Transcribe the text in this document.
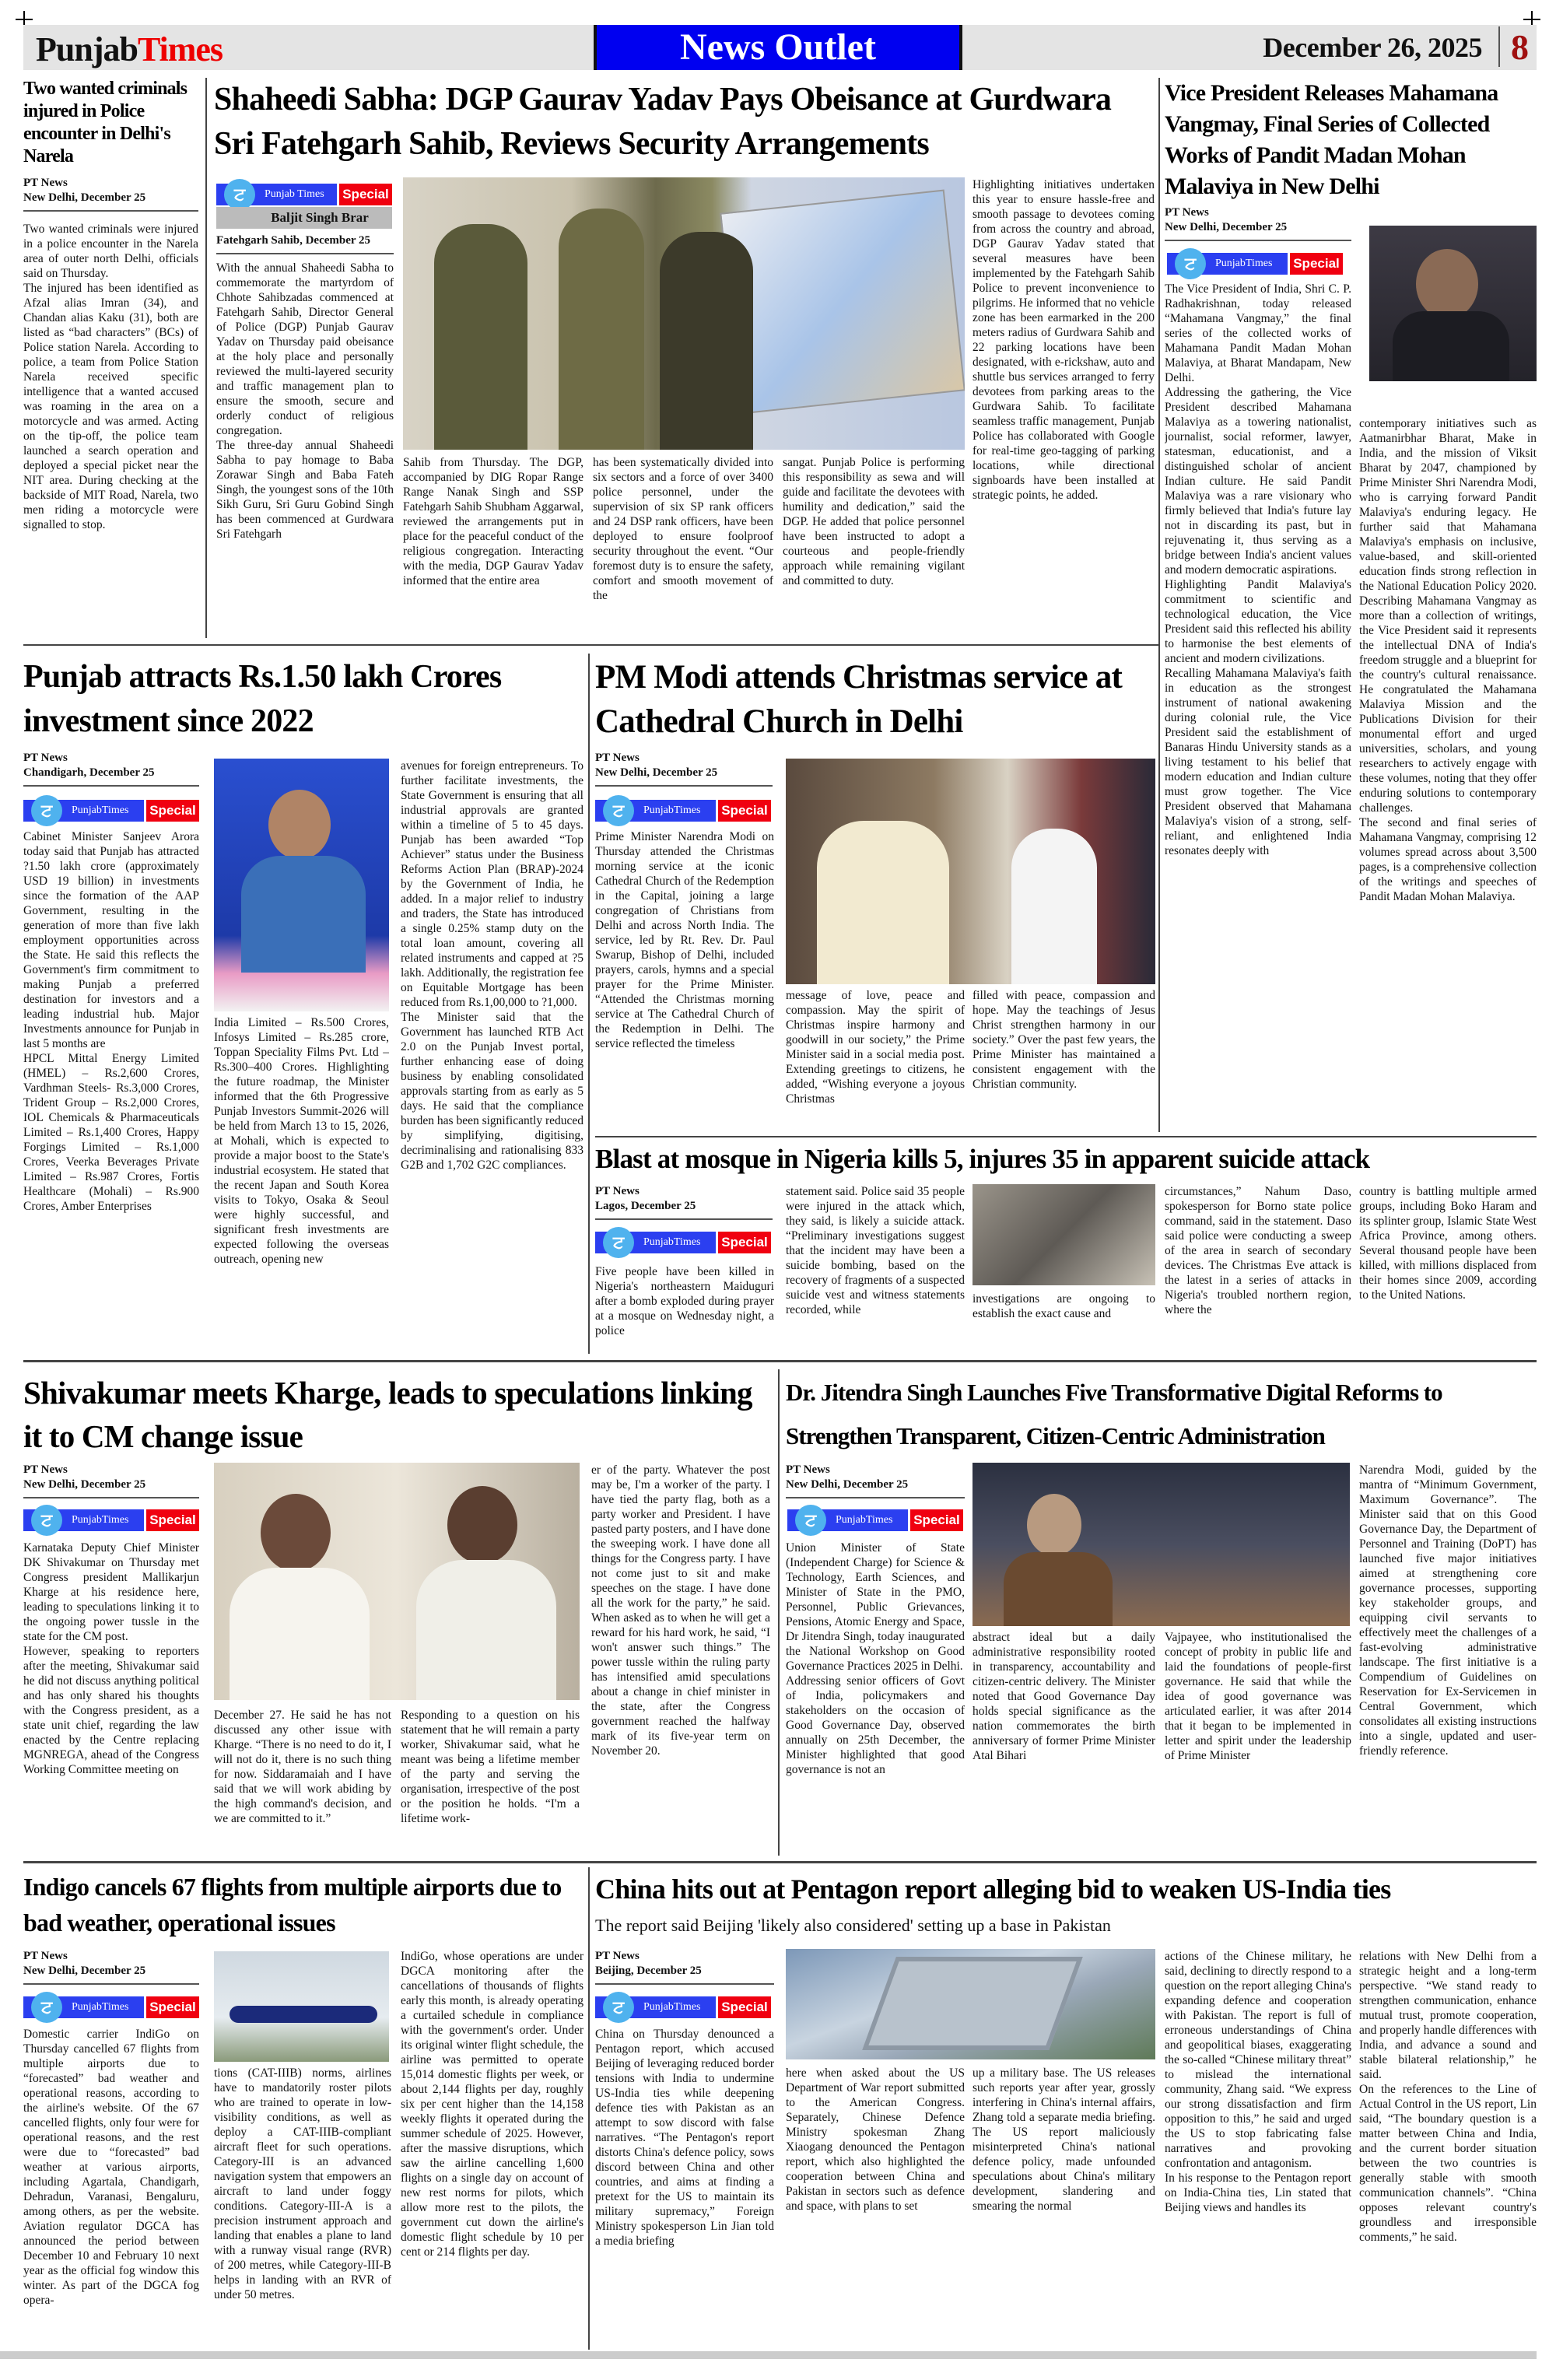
PunjabTimes	News Outlet	December 26, 2025 8
Two wanted criminals injured in Police encounter in Delhi's Narela
PT News
New Delhi, December 25

Two wanted criminals were injured in a police encounter in the Narela area of outer north Delhi, officials said on Thursday.

The injured has been identified as Afzal alias Imran (34), and Chandan alias Kaku (31), both are listed as “bad characters” (BCs) of Police station Narela. According to police, a team from Police Station Narela received specific intelligence that a wanted accused was roaming in the area on a motorcycle and was armed. Acting on the tip-off, the police team launched a search operation and deployed a special picket near the NIT area. During checking at the backside of MIT Road, Narela, two men riding a motorcycle were signalled to stop.

Shaheedi Sabha: DGP Gaurav Yadav Pays Obeisance at Gurdwara Sri Fatehgarh Sahib, Reviews Security Arrangements
Punjab Times	Special
ਟ
Baljit Singh Brar
Fatehgarh Sahib, December 25

With the annual Shaheedi Sabha to commemorate the martyrdom of Chhote Sahibzadas commenced at Fatehgarh Sahib, Director General of Police (DGP) Punjab Gaurav Yadav on Thursday paid obeisance at the holy place and personally reviewed the multi-layered security and traffic management plan to ensure the smooth, secure and orderly conduct of religious congregation.

The three-day annual Shaheedi Sabha to pay homage to Baba Zorawar Singh and Baba Fateh Singh, the youngest sons of the 10th Sikh Guru, Sri Guru Gobind Singh has been commenced at Gurdwara Sri Fatehgarh

Sahib from Thursday. The DGP, accompanied by DIG Ropar Range Range Nanak Singh and SSP Fatehgarh Sahib Shubham Aggarwal, reviewed the arrangements put in place for the peaceful conduct of the religious congregation. Interacting with the media, DGP Gaurav Yadav informed that the entire area

has been systematically divided into six sectors and a force of over 3400 police personnel, under the supervision of six SP rank officers and 24 DSP rank officers, have been deployed to ensure foolproof security throughout the event. “Our foremost duty is to ensure the safety, comfort and smooth movement of the

sangat. Punjab Police is performing this responsibility as sewa and will guide and facilitate the devotees with humility and dedication,” said the DGP. He added that police personnel have been instructed to adopt a courteous and people-friendly approach while remaining vigilant and committed to duty.

Highlighting initiatives undertaken this year to ensure hassle-free and smooth passage to devotees coming from across the country and abroad, DGP Gaurav Yadav stated that several measures have been implemented by the Fatehgarh Sahib Police to prevent inconvenience to pilgrims. He informed that no vehicle zone has been earmarked in the 200 meters radius of Gurdwara Sahib and 22 parking locations have been designated, with e-rickshaw, auto and shuttle bus services arranged to ferry devotees from parking areas to the Gurdwara Sahib. To facilitate seamless traffic management, Punjab Police has collaborated with Google for real-time geo-tagging of parking locations, while directional signboards have been installed at strategic points, he added.

Vice President Releases Mahamana Vangmay, Final Series of Collected Works of Pandit Madan Mohan Malaviya in New Delhi
PT News
New Delhi, December 25
PunjabTimes	Special
ਟ

The Vice President of India, Shri C. P. Radhakrishnan, today released “Mahamana Vangmay,” the final series of the collected works of Mahamana Pandit Madan Mohan Malaviya, at Bharat Mandapam, New Delhi.

Addressing the gathering, the Vice President described Mahamana Malaviya as a towering nationalist, journalist, social reformer, lawyer, statesman, educationist, and a distinguished scholar of ancient Indian culture. He said Pandit Malaviya was a rare visionary who firmly believed that India's future lay not in discarding its past, but in rejuvenating it, thus serving as a bridge between India's ancient values and modern democratic aspirations.

Highlighting Pandit Malaviya's commitment to scientific and technological education, the Vice President said this reflected his ability to harmonise the best elements of ancient and modern civilizations.

Recalling Mahamana Malaviya's faith in education as the strongest instrument of national awakening during colonial rule, the Vice President said the establishment of Banaras Hindu University stands as a living testament to his belief that modern education and Indian culture must grow together. The Vice President observed that Mahamana Malaviya's vision of a strong, self-reliant, and enlightened India resonates deeply with

contemporary initiatives such as Aatmanirbhar Bharat, Make in India, and the mission of Viksit Bharat by 2047, championed by Prime Minister Shri Narendra Modi, who is carrying forward Pandit Malaviya's enduring legacy. He further said that Mahamana Malaviya's emphasis on inclusive, value-based, and skill-oriented education finds strong reflection in the National Education Policy 2020. Describing Mahamana Vangmay as more than a collection of writings, the Vice President said it represents the intellectual DNA of India's freedom struggle and a blueprint for the country's cultural renaissance. He congratulated the Mahamana Malaviya Mission and the Publications Division for their monumental effort and urged universities, scholars, and young researchers to actively engage with these volumes, noting that they offer enduring solutions to contemporary challenges.

The second and final series of Mahamana Vangmay, comprising 12 volumes spread across about 3,500 pages, is a comprehensive collection of the writings and speeches of Pandit Madan Mohan Malaviya.

Punjab attracts Rs.1.50 lakh Crores investment since 2022
PT News
Chandigarh, December 25
PunjabTimes	Special
ਟ

Cabinet Minister Sanjeev Arora today said that Punjab has attracted ?1.50 lakh crore (approximately USD 19 billion) in investments since the formation of the AAP Government, resulting in the generation of more than five lakh employment opportunities across the State. He said this reflects the Government's firm commitment to making Punjab a preferred destination for investors and a leading industrial hub. Major Investments announce for Punjab in last 5 months are

HPCL Mittal Energy Limited (HMEL) – Rs.2,600 Crores, Vardhman Steels- Rs.3,000 Crores, Trident Group – Rs.2,000 Crores, IOL Chemicals & Pharmaceuticals Limited – Rs.1,400 Crores, Happy Forgings Limited – Rs.1,000 Crores, Veerka Beverages Private Limited – Rs.987 Crores, Fortis Healthcare (Mohali) – Rs.900 Crores, Amber Enterprises

India Limited – Rs.500 Crores, Infosys Limited – Rs.285 crore, Toppan Speciality Films Pvt. Ltd – Rs.300–400 Crores. Highlighting the future roadmap, the Minister informed that the 6th Progressive Punjab Investors Summit-2026 will be held from March 13 to 15, 2026, at Mohali, which is expected to provide a major boost to the State's industrial ecosystem. He stated that the recent Japan and South Korea visits to Tokyo, Osaka & Seoul were highly successful, and significant fresh investments are expected following the overseas outreach, opening new

avenues for foreign entrepreneurs. To further facilitate investments, the State Government is ensuring that all industrial approvals are granted within a timeline of 5 to 45 days. Punjab has been awarded “Top Achiever” status under the Business Reforms Action Plan (BRAP)-2024 by the Government of India, he added. In a major relief to industry and traders, the State has introduced a single 0.25% stamp duty on the total loan amount, covering all related instruments and capped at ?5 lakh. Additionally, the registration fee on Equitable Mortgage has been reduced from Rs.1,00,000 to ?1,000.

The Minister said that the Government has launched RTB Act 2.0 on the Punjab Invest portal, further enhancing ease of doing business by enabling consolidated approvals starting from as early as 5 days. He said that the compliance burden has been significantly reduced by simplifying, digitising, decriminalising and rationalising 833 G2B and 1,702 G2C compliances.

PM Modi attends Christmas service at Cathedral Church in Delhi
PT News
New Delhi, December 25
PunjabTimes	Special
ਟ

Prime Minister Narendra Modi on Thursday attended the Christmas morning service at the iconic Cathedral Church of the Redemption in the Capital, joining a large congregation of Christians from Delhi and across North India. The service, led by Rt. Rev. Dr. Paul Swarup, Bishop of Delhi, included prayers, carols, hymns and a special prayer for the Prime Minister. “Attended the Christmas morning service at The Cathedral Church of the Redemption in Delhi. The service reflected the timeless

message of love, peace and compassion. May the spirit of Christmas inspire harmony and goodwill in our society,” the Prime Minister said in a social media post. Extending greetings to citizens, he added, “Wishing everyone a joyous Christmas

filled with peace, compassion and hope. May the teachings of Jesus Christ strengthen harmony in our society.” Over the past few years, the Prime Minister has maintained a consistent engagement with the Christian community.

Blast at mosque in Nigeria kills 5, injures 35 in apparent suicide attack
PT News
Lagos, December 25
PunjabTimes	Special
ਟ

Five people have been killed in Nigeria's northeastern Maiduguri after a bomb exploded during prayer at a mosque on Wednesday night, a police

statement said. Police said 35 people were injured in the attack which, they said, is likely a suicide attack. “Preliminary investigations suggest that the incident may have been a suicide bombing, based on the recovery of fragments of a suspected suicide vest and witness statements recorded, while

investigations are ongoing to establish the exact cause and

circumstances,” Nahum Daso, spokesperson for Borno state police command, said in the statement. Daso said police were conducting a sweep of the area in search of secondary devices. The Christmas Eve attack is the latest in a series of attacks in Nigeria's troubled northern region, where the

country is battling multiple armed groups, including Boko Haram and its splinter group, Islamic State West Africa Province, among others. Several thousand people have been killed, with millions displaced from their homes since 2009, according to the United Nations.

Shivakumar meets Kharge, leads to speculations linking it to CM change issue
PT News
New Delhi, December 25
PunjabTimes	Special
ਟ

Karnataka Deputy Chief Minister DK Shivakumar on Thursday met Congress president Mallikarjun Kharge at his residence here, leading to speculations linking it to the ongoing power tussle in the state for the CM post.

However, speaking to reporters after the meeting, Shivakumar said he did not discuss anything political and has only shared his thoughts with the Congress president, as a state unit chief, regarding the law enacted by the Centre replacing MGNREGA, ahead of the Congress Working Committee meeting on

December 27. He said he has not discussed any other issue with Kharge. “There is no need to do it, I will not do it, there is no such thing for now. Siddaramaiah and I have said that we will work abiding by the high command's decision, and we are committed to it.”

Responding to a question on his statement that he will remain a party worker, Shivakumar said, what he meant was being a lifetime member of the party and serving the organisation, irrespective of the post or the position he holds. “I'm a lifetime work-

er of the party. Whatever the post may be, I'm a worker of the party. I have tied the party flag, both as a party worker and President. I have pasted party posters, and I have done the sweeping work. I have done all things for the Congress party. I have not come just to sit and make speeches on the stage. I have done all the work for the party,” he said. When asked as to when he will get a reward for his hard work, he said, “I won't answer such things.” The power tussle within the ruling party has intensified amid speculations about a change in chief minister in the state, after the Congress government reached the halfway mark of its five-year term on November 20.

Dr. Jitendra Singh Launches Five Transformative Digital Reforms to Strengthen Transparent, Citizen-Centric Administration
PT News
New Delhi, December 25
PunjabTimes	Special
ਟ

Union Minister of State (Independent Charge) for Science & Technology, Earth Sciences, and Minister of State in the PMO, Personnel, Public Grievances, Pensions, Atomic Energy and Space, Dr Jitendra Singh, today inaugurated the National Workshop on Good Governance Practices 2025 in Delhi.

Addressing senior officers of Govt of India, policymakers and stakeholders on the occasion of Good Governance Day, observed annually on 25th December, the Minister highlighted that good governance is not an

abstract ideal but a daily administrative responsibility rooted in transparency, accountability and citizen-centric delivery. The Minister noted that Good Governance Day holds special significance as the nation commemorates the birth anniversary of former Prime Minister Atal Bihari

Vajpayee, who institutionalised the concept of probity in public life and laid the foundations of people-first governance. He said that while the idea of good governance was articulated earlier, it was after 2014 that it began to be implemented in letter and spirit under the leadership of Prime Minister

Narendra Modi, guided by the mantra of “Minimum Government, Maximum Governance”. The Minister said that on this Good Governance Day, the Department of Personnel and Training (DoPT) has launched five major initiatives aimed at strengthening core governance processes, supporting key stakeholder groups, and equipping civil servants to effectively meet the challenges of a fast-evolving administrative landscape. The first initiative is a Compendium of Guidelines on Reservation for Ex-Servicemen in Central Government, which consolidates all existing instructions into a single, updated and user-friendly reference.

Indigo cancels 67 flights from multiple airports due to bad weather, operational issues
PT News
New Delhi, December 25
PunjabTimes	Special
ਟ

Domestic carrier IndiGo on Thursday cancelled 67 flights from multiple airports due to “forecasted” bad weather and operational reasons, according to the airline's website. Of the 67 cancelled flights, only four were for operational reasons, and the rest were due to “forecasted” bad weather at various airports, including Agartala, Chandigarh, Dehradun, Varanasi, Bengaluru, among others, as per the website. Aviation regulator DGCA has announced the period between December 10 and February 10 next year as the official fog window this winter. As part of the DGCA fog opera-

tions (CAT-IIIB) norms, airlines have to mandatorily roster pilots who are trained to operate in low-visibility conditions, as well as deploy a CAT-IIIB-compliant aircraft fleet for such operations. Category-III is an advanced navigation system that empowers an aircraft to land under foggy conditions. Category-III-A is a precision instrument approach and landing that enables a plane to land with a runway visual range (RVR) of 200 metres, while Category-III-B helps in landing with an RVR of under 50 metres.

IndiGo, whose operations are under DGCA monitoring after the cancellations of thousands of flights early this month, is already operating a curtailed schedule in compliance with the government's order. Under its original winter flight schedule, the airline was permitted to operate 15,014 domestic flights per week, or about 2,144 flights per day, roughly six per cent higher than the 14,158 weekly flights it operated during the summer schedule of 2025. However, after the massive disruptions, which saw the airline cancelling 1,600 flights on a single day on account of new rest norms for pilots, which allow more rest to the pilots, the government cut down the airline's domestic flight schedule by 10 per cent or 214 flights per day.

China hits out at Pentagon report alleging bid to weaken US-India ties
The report said Beijing 'likely also considered' setting up a base in Pakistan
PT News
Beijing, December 25
PunjabTimes	Special
ਟ

China on Thursday denounced a Pentagon report, which accused Beijing of leveraging reduced border tensions with India to undermine US-India ties while deepening defence ties with Pakistan as an attempt to sow discord with false narratives. “The Pentagon's report distorts China's defence policy, sows discord between China and other countries, and aims at finding a pretext for the US to maintain its military supremacy,” Foreign Ministry spokesperson Lin Jian told a media briefing

here when asked about the US Department of War report submitted to the American Congress. Separately, Chinese Defence Ministry spokesman Zhang Xiaogang denounced the Pentagon report, which also highlighted the cooperation between China and Pakistan in sectors such as defence and space, with plans to set

up a military base. The US releases such reports year after year, grossly interfering in China's internal affairs, Zhang told a separate media briefing. The US report maliciously misinterpreted China's national defence policy, made unfounded speculations about China's military development, slandering and smearing the normal

actions of the Chinese military, he said, declining to directly respond to a question on the report alleging China's expanding defence and cooperation with Pakistan. The report is full of erroneous understandings of China and geopolitical biases, exaggerating the so-called “Chinese military threat” to mislead the international community, Zhang said. “We express our strong dissatisfaction and firm opposition to this,” he said and urged the US to stop fabricating false narratives and provoking confrontation and antagonism.

In his response to the Pentagon report on India-China ties, Lin stated that Beijing views and handles its

relations with New Delhi from a strategic height and a long-term perspective. “We stand ready to strengthen communication, enhance mutual trust, promote cooperation, and properly handle differences with India, and advance a sound and stable bilateral relationship,” he said.

On the references to the Line of Actual Control in the US report, Lin said, “The boundary question is a matter between China and India, and the current border situation between the two countries is generally stable with smooth communication channels”. “China opposes relevant country's groundless and irresponsible comments,” he said.
